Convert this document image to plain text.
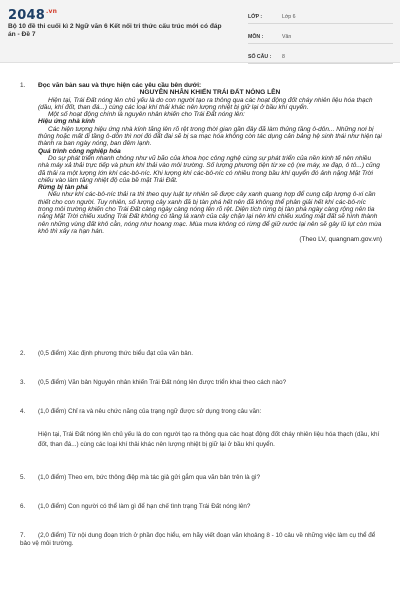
$2048^{.vn}$
Bộ 10 đề thi cuối kì 2 Ngữ văn 6 Kết nối tri thức cấu trúc mới có đáp án - Đề 7
LỚP :	Lớp 6
MÔN :	Văn
SỐ CÂU :	8
1. Đọc văn bản sau và thực hiện các yêu cầu bên dưới:
NGUYÊN NHÂN KHIẾN TRÁI ĐẤT NÓNG LÊN

Hiện tại, Trái Đất nóng lên chủ yếu là do con người tạo ra thông qua các hoạt động đốt cháy nhiên liệu hóa thạch (dầu, khí đốt, than đá...) cùng các loại khí thải khác nên lượng nhiệt bị giữ lại ở bầu khí quyển.

Một số hoạt động chính là nguyên nhân khiến cho Trái Đất nóng lên:

Hiệu ứng nhà kính

Các hiện tượng hiệu ứng nhà kính tăng lên rõ rệt trong thời gian gần đây đã làm thủng tầng ô-dôn... Những nơi bị thủng hoặc mất đi tầng ô-dôn thì nơi đó đất đai sẽ bị sa mạc hóa không còn tác dụng cản bảng hệ sinh thái như hiện tại thành ra ban ngày nóng, ban đêm lạnh.

Quá trình công nghiệp hóa

Do sự phát triển nhanh chóng như vũ bão của khoa học công nghệ cùng sự phát triển của nền kinh tế nên nhiều nhà máy xả thải trực tiếp và phun khí thải vào môi trường. Số lượng phương tiện từ xe cộ (xe máy, xe đạp, ô tô...) cũng đã thải ra một lượng lớn khí các-bô-níc. Khi lượng khí các-bô-níc có nhiều trong bầu khí quyển đó ảnh nặng Mặt Trời chiếu vào làm tăng nhiệt độ của bề mặt Trái Đất.

Rừng bị tàn phá

Nếu như khí các-bô-níc thải ra thì theo quy luật tự nhiên sẽ được cây xanh quang hợp để cung cấp lượng ô-xi cần thiết cho con người. Tuy nhiên, số lượng cây xanh đã bị tàn phá hết nên đã không thể phân giải hết khí các-bô-níc trong môi trường khiến cho Trái Đất càng ngày càng nóng lên rõ rệt. Diện tích rừng bị tàn phá ngày càng rộng nên tia nắng Mặt Trời chiếu xuống Trái Đất không có tầng lá xanh của cây chặn lại nên khi chiếu xuống mặt đất sẽ hình thành nên những vùng đất khô cằn, nóng như hoang mạc. Mùa mưa không có rừng để giữ nước lại nên sẽ gây lũ lụt còn mùa khô thì xảy ra hạn hán.

(Theo LV, quangnam.gov.vn)
2. (0,5 điểm) Xác định phương thức biểu đạt của văn bản.
3. (0,5 điểm) Văn bản Nguyên nhân khiến Trái Đất nóng lên được triển khai theo cách nào?
4. (1,0 điểm) Chỉ ra và nêu chức năng của trạng ngữ được sử dụng trong câu văn:
Hiện tại, Trái Đất nóng lên chủ yếu là do con người tạo ra thông qua các hoạt động đốt cháy nhiên liệu hóa thạch (dầu, khí đốt, than đá...) cùng các loại khí thải khác nên lượng nhiệt bị giữ lại ở bầu khí quyển.
5. (1,0 điểm) Theo em, bức thông điệp mà tác giả gửi gắm qua văn bản trên là gì?
6. (1,0 điểm) Con người có thể làm gì để hạn chế tình trạng Trái Đất nóng lên?
7. (2,0 điểm) Từ nội dung đoạn trích ở phần đọc hiểu, em hãy viết đoạn văn khoảng 8 - 10 câu về những việc làm cụ thể để bảo vệ môi trường.
